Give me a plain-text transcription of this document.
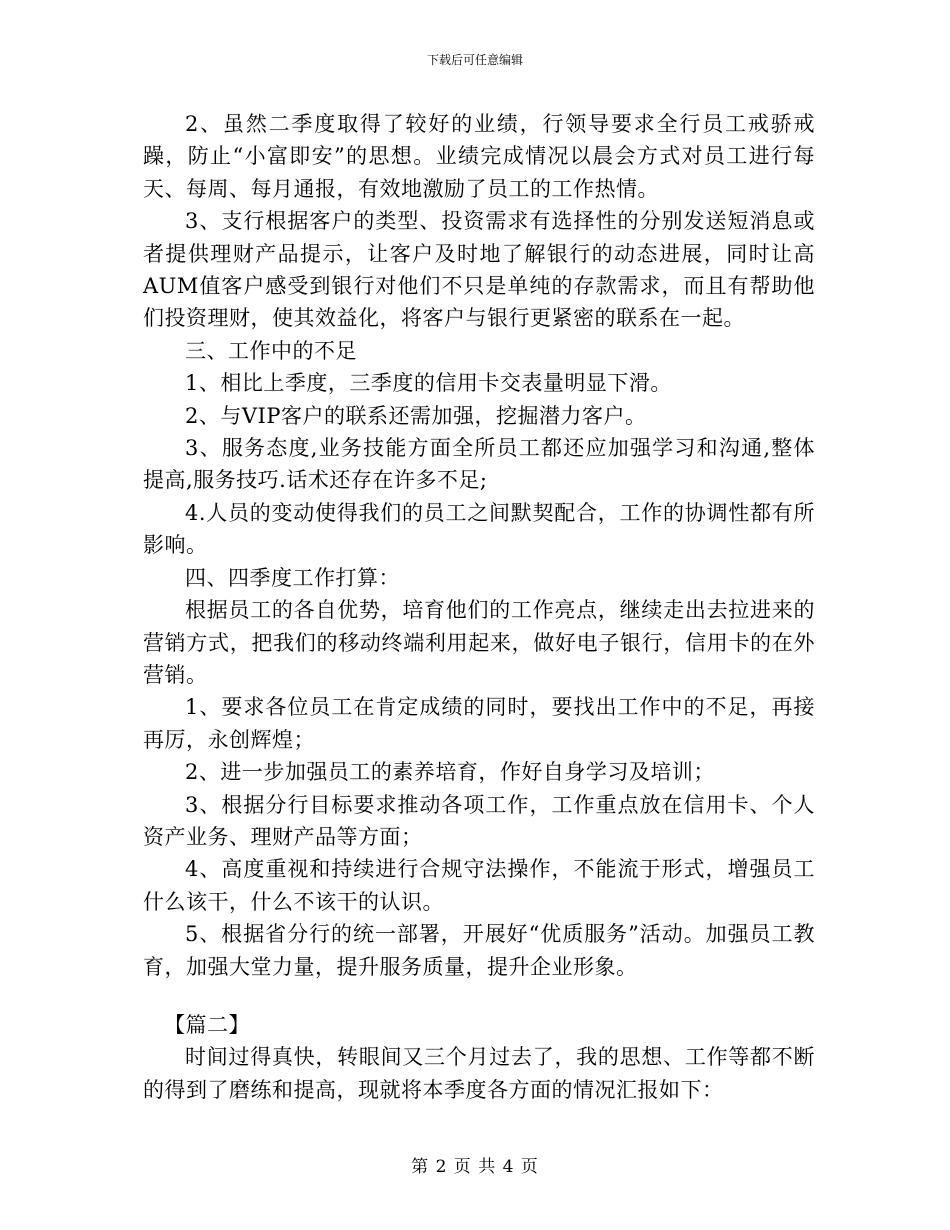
下载后可任意编辑

2、虽然二季度取得了较好的业绩，行领导要求全行员工戒骄戒躁，防止“小富即安”的思想。业绩完成情况以晨会方式对员工进行每天、每周、每月通报，有效地激励了员工的工作热情。

3、支行根据客户的类型、投资需求有选择性的分别发送短消息或者提供理财产品提示，让客户及时地了解银行的动态进展，同时让高AUM值客户感受到银行对他们不只是单纯的存款需求，而且有帮助他们投资理财，使其效益化，将客户与银行更紧密的联系在一起。

三、工作中的不足

1、相比上季度，三季度的信用卡交表量明显下滑。

2、与VIP客户的联系还需加强，挖掘潜力客户。

3、服务态度,业务技能方面全所员工都还应加强学习和沟通,整体提高,服务技巧.话术还存在许多不足;

4.人员的变动使得我们的员工之间默契配合，工作的协调性都有所影响。

四、四季度工作打算：

根据员工的各自优势，培育他们的工作亮点，继续走出去拉进来的营销方式，把我们的移动终端利用起来，做好电子银行，信用卡的在外营销。

1、要求各位员工在肯定成绩的同时，要找出工作中的不足，再接再厉，永创辉煌；

2、进一步加强员工的素养培育，作好自身学习及培训；

3、根据分行目标要求推动各项工作，工作重点放在信用卡、个人资产业务、理财产品等方面；

4、高度重视和持续进行合规守法操作，不能流于形式，增强员工什么该干，什么不该干的认识。

5、根据省分行的统一部署，开展好“优质服务”活动。加强员工教育，加强大堂力量，提升服务质量，提升企业形象。

【篇二】

时间过得真快，转眼间又三个月过去了，我的思想、工作等都不断的得到了磨练和提高，现就将本季度各方面的情况汇报如下：

第 2 页 共 4 页
